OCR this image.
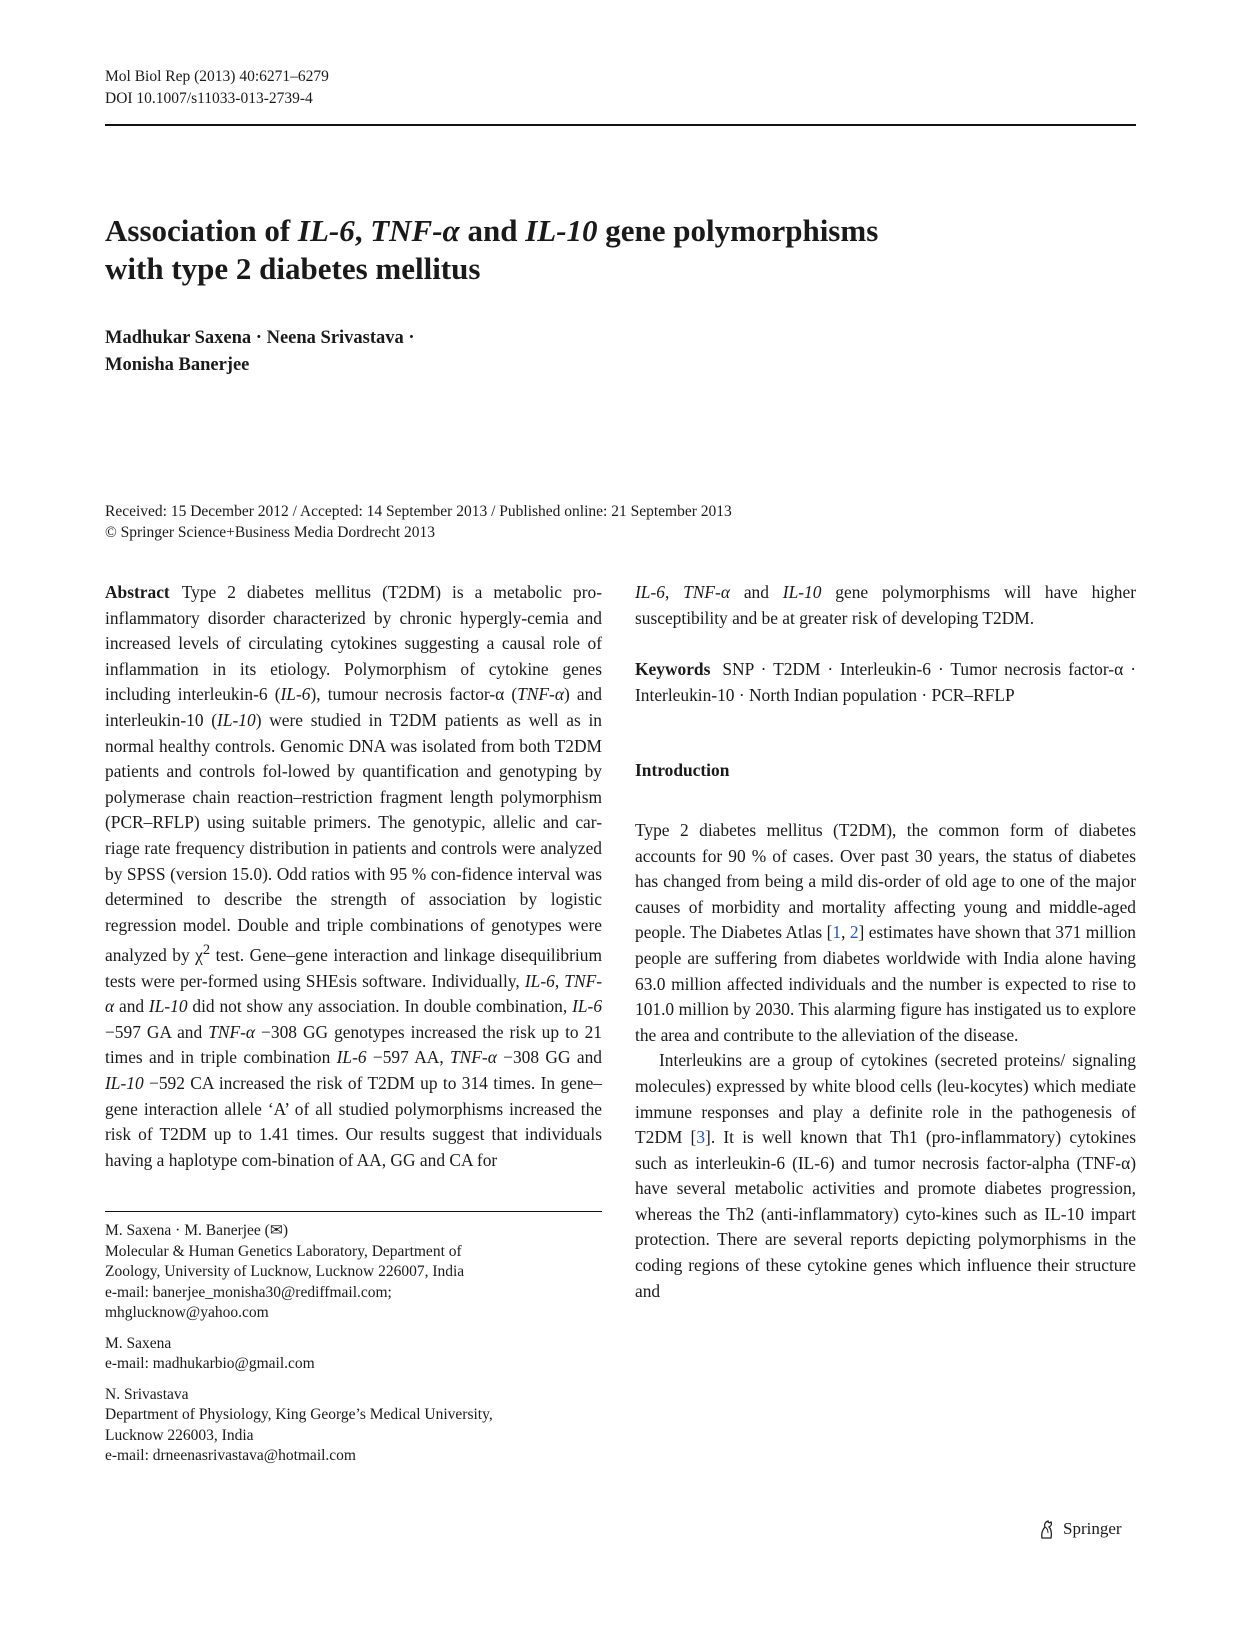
Mol Biol Rep (2013) 40:6271–6279
DOI 10.1007/s11033-013-2739-4
Association of IL-6, TNF-α and IL-10 gene polymorphisms
with type 2 diabetes mellitus
Madhukar Saxena · Neena Srivastava ·
Monisha Banerjee
Received: 15 December 2012 / Accepted: 14 September 2013 / Published online: 21 September 2013
© Springer Science+Business Media Dordrecht 2013

Abstract Type 2 diabetes mellitus (T2DM) is a metabolic pro-inflammatory disorder characterized by chronic hypergly-cemia and increased levels of circulating cytokines suggesting a causal role of inflammation in its etiology. Polymorphism of cytokine genes including interleukin-6 (IL-6), tumour necrosis factor-α (TNF-α) and interleukin-10 (IL-10) were studied in T2DM patients as well as in normal healthy controls. Genomic DNA was isolated from both T2DM patients and controls fol-lowed by quantification and genotyping by polymerase chain reaction–restriction fragment length polymorphism (PCR–RFLP) using suitable primers. The genotypic, allelic and car-riage rate frequency distribution in patients and controls were analyzed by SPSS (version 15.0). Odd ratios with 95 % con-fidence interval was determined to describe the strength of association by logistic regression model. Double and triple combinations of genotypes were analyzed by $\chi^2$ test. Gene–gene interaction and linkage disequilibrium tests were per-formed using SHEsis software. Individually, IL-6, TNF-α and IL-10 did not show any association. In double combination, IL-6 −597 GA and TNF-α −308 GG genotypes increased the risk up to 21 times and in triple combination IL-6 −597 AA, TNF-α −308 GG and IL-10 −592 CA increased the risk of T2DM up to 314 times. In gene–gene interaction allele ‘A’ of all studied polymorphisms increased the risk of T2DM up to 1.41 times. Our results suggest that individuals having a haplotype com-bination of AA, GG and CA for

IL-6, TNF-α and IL-10 gene polymorphisms will have higher susceptibility and be at greater risk of developing T2DM.

Keywords SNP · T2DM · Interleukin-6 · Tumor necrosis factor-α · Interleukin-10 · North Indian population · PCR–RFLP

Introduction

Type 2 diabetes mellitus (T2DM), the common form of diabetes accounts for 90 % of cases. Over past 30 years, the status of diabetes has changed from being a mild dis-order of old age to one of the major causes of morbidity and mortality affecting young and middle-aged people. The Diabetes Atlas [1, 2] estimates have shown that 371 million people are suffering from diabetes worldwide with India alone having 63.0 million affected individuals and the number is expected to rise to 101.0 million by 2030. This alarming figure has instigated us to explore the area and contribute to the alleviation of the disease.

Interleukins are a group of cytokines (secreted proteins/ signaling molecules) expressed by white blood cells (leu-kocytes) which mediate immune responses and play a definite role in the pathogenesis of T2DM [3]. It is well known that Th1 (pro-inflammatory) cytokines such as interleukin-6 (IL-6) and tumor necrosis factor-alpha (TNF-α) have several metabolic activities and promote diabetes progression, whereas the Th2 (anti-inflammatory) cyto-kines such as IL-10 impart protection. There are several reports depicting polymorphisms in the coding regions of these cytokine genes which influence their structure and

M. Saxena · M. Banerjee (✉)
Molecular & Human Genetics Laboratory, Department of
Zoology, University of Lucknow, Lucknow 226007, India
e-mail: banerjee_monisha30@rediffmail.com;
mhglucknow@yahoo.com

M. Saxena
e-mail: madhukarbio@gmail.com

N. Srivastava
Department of Physiology, King George’s Medical University,
Lucknow 226003, India
e-mail: drneenasrivastava@hotmail.com

Springer
